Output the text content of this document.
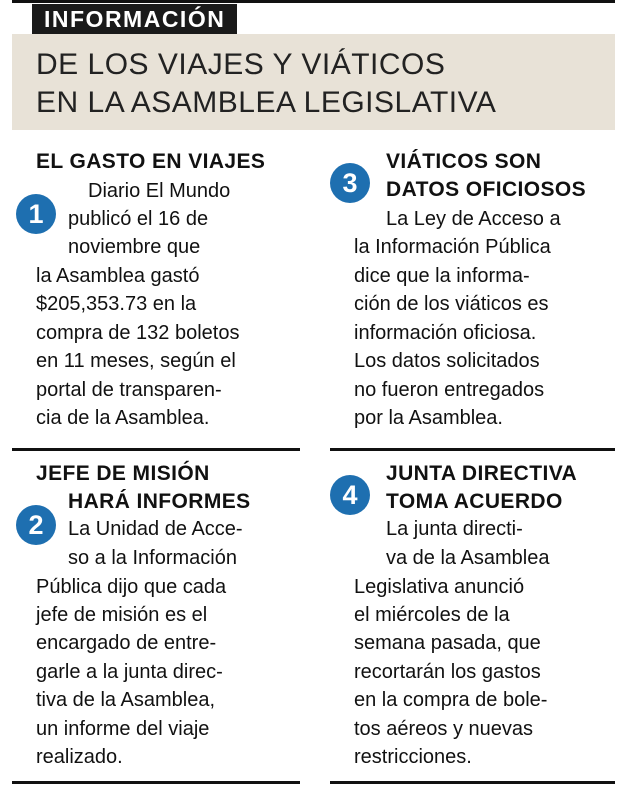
INFORMACIÓN
DE LOS VIAJES Y VIÁTICOS
EN LA ASAMBLEA LEGISLATIVA
EL GASTO EN VIAJES
1
Diario El Mundo
publicó el 16 de
noviembre que
la Asamblea gastó
$205,353.73 en la
compra de 132 boletos
en 11 meses, según el
portal de transparen-
cia de la Asamblea.
JEFE DE MISIÓN
HARÁ INFORMES
2	La Unidad de Acce-
so a la Información
Pública dijo que cada
jefe de misión es el
encargado de entre-
garle a la junta direc-
tiva de la Asamblea,
un informe del viaje
realizado.
VIÁTICOS SON
DATOS OFICIOSOS
3
La Ley de Acceso a
la Información Pública
dice que la informa-
ción de los viáticos es
información oficiosa.
Los datos solicitados
no fueron entregados
por la Asamblea.
JUNTA DIRECTIVA
TOMA ACUERDO
4
La junta directi-
va de la Asamblea
Legislativa anunció
el miércoles de la
semana pasada, que
recortarán los gastos
en la compra de bole-
tos aéreos y nuevas
restricciones.
